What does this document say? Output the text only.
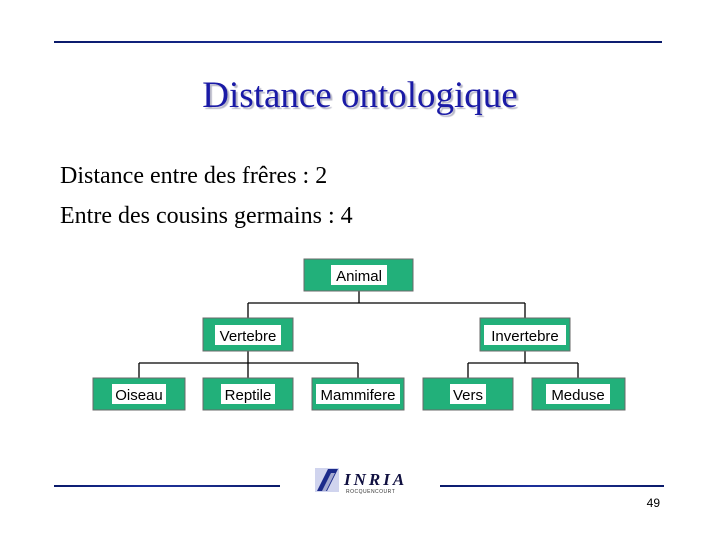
Distance ontologique
Distance entre des frêres : 2
Entre des cousins germains : 4
Animal
Vertebre	Invertebre
Oiseau	Reptile	Mammifere	Vers	Meduse
INRIA
ROCQUENCOURT
49
